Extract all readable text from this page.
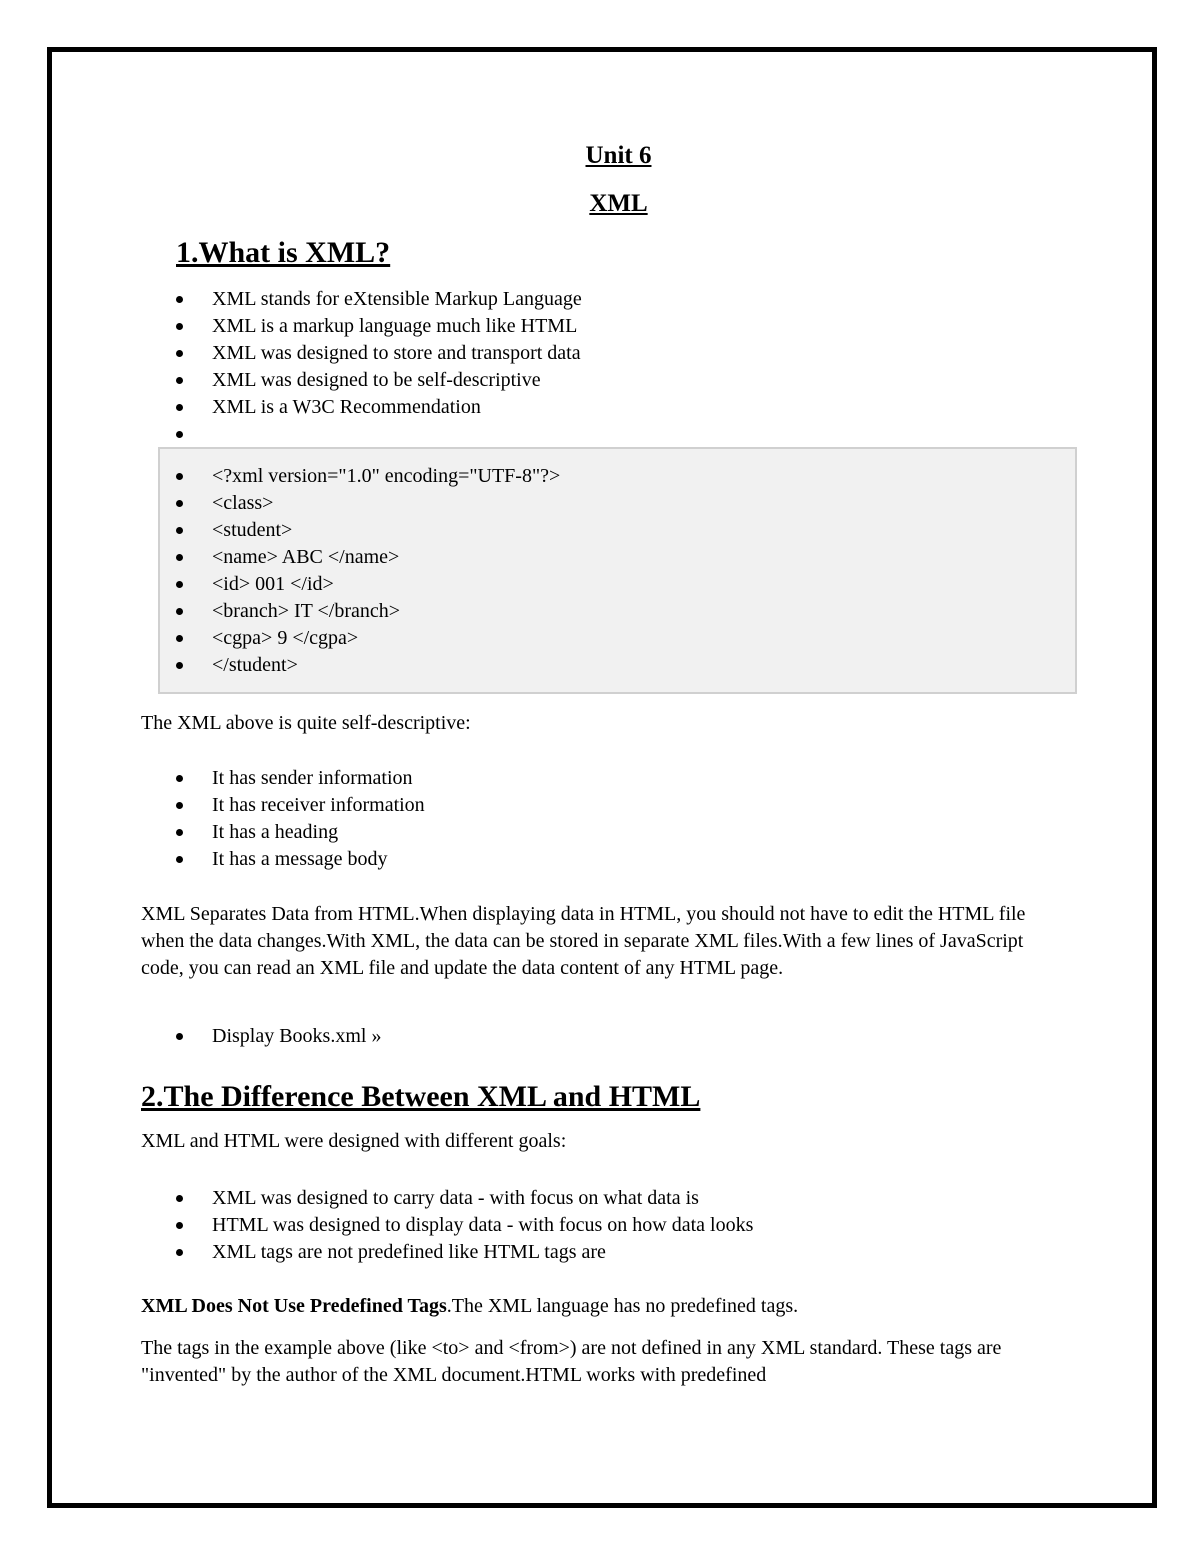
Unit 6
XML
1.What is XML?
XML stands for eXtensible Markup Language
XML is a markup language much like HTML
XML was designed to store and transport data
XML was designed to be self-descriptive
XML is a W3C Recommendation
<?xml version="1.0" encoding="UTF-8"?>
<class>
<student>
<name> ABC </name>
<id> 001 </id>
<branch> IT </branch>
<cgpa> 9 </cgpa>
</student>

The XML above is quite self-descriptive:

It has sender information
It has receiver information
It has a heading
It has a message body

XML Separates Data from HTML.When displaying data in HTML, you should not have to edit the HTML file when the data changes.With XML, the data can be stored in separate XML files.With a few lines of JavaScript code, you can read an XML file and update the data content of any HTML page.

Display Books.xml »
2.The Difference Between XML and HTML

XML and HTML were designed with different goals:

XML was designed to carry data - with focus on what data is
HTML was designed to display data - with focus on how data looks
XML tags are not predefined like HTML tags are

XML Does Not Use Predefined Tags.The XML language has no predefined tags.

The tags in the example above (like <to> and <from>) are not defined in any XML standard. These tags are "invented" by the author of the XML document.HTML works with predefined
